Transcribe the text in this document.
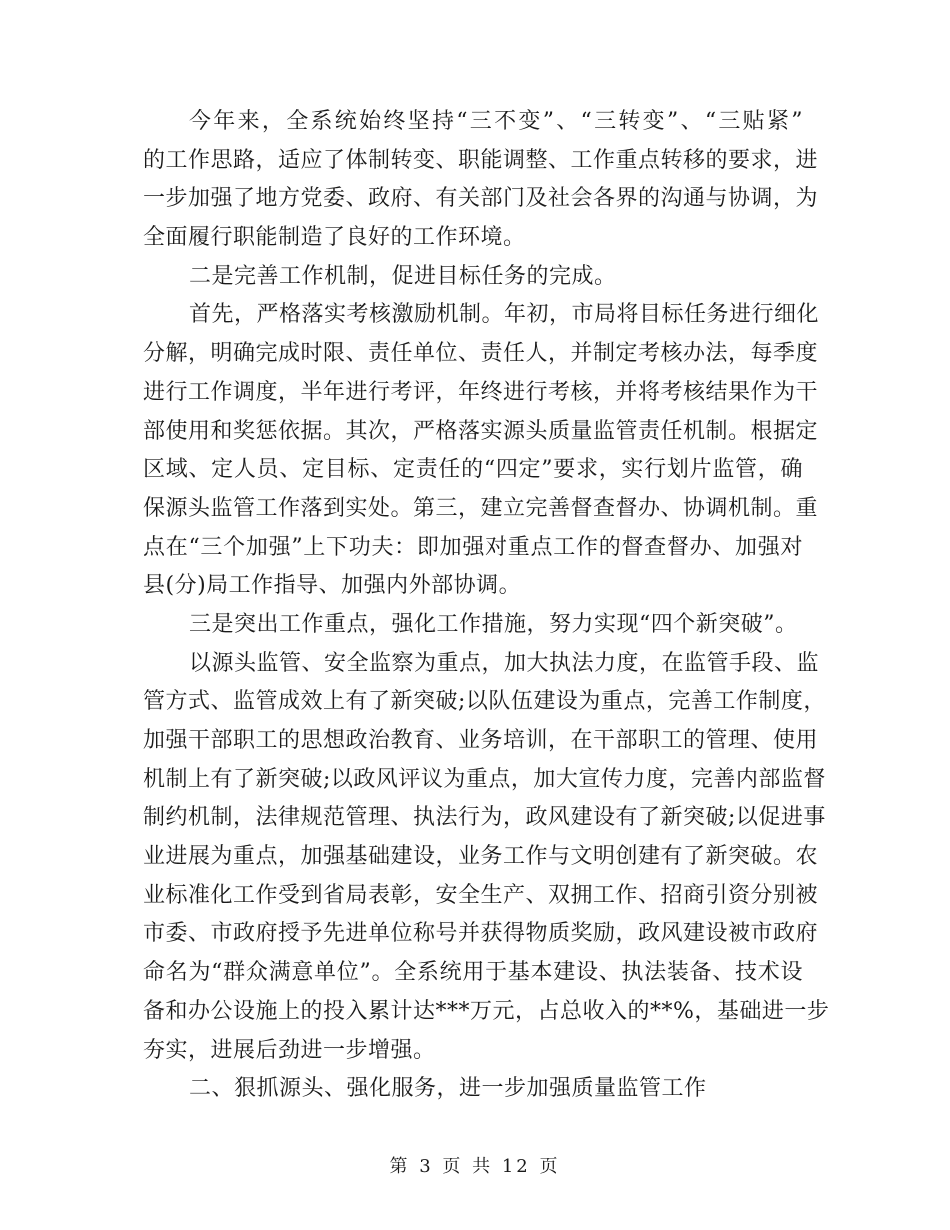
今年来，全系统始终坚持“三不变”、“三转变”、“三贴紧”
的工作思路，适应了体制转变、职能调整、工作重点转移的要求，进
一步加强了地方党委、政府、有关部门及社会各界的沟通与协调，为
全面履行职能制造了良好的工作环境。
二是完善工作机制，促进目标任务的完成。
首先，严格落实考核激励机制。年初，市局将目标任务进行细化
分解，明确完成时限、责任单位、责任人，并制定考核办法，每季度
进行工作调度，半年进行考评，年终进行考核，并将考核结果作为干
部使用和奖惩依据。其次，严格落实源头质量监管责任机制。根据定
区域、定人员、定目标、定责任的“四定”要求，实行划片监管，确
保源头监管工作落到实处。第三，建立完善督查督办、协调机制。重
点在“三个加强”上下功夫：即加强对重点工作的督查督办、加强对
县(分)局工作指导、加强内外部协调。
三是突出工作重点，强化工作措施，努力实现“四个新突破”。
以源头监管、安全监察为重点，加大执法力度，在监管手段、监
管方式、监管成效上有了新突破;以队伍建设为重点，完善工作制度，
加强干部职工的思想政治教育、业务培训，在干部职工的管理、使用
机制上有了新突破;以政风评议为重点，加大宣传力度，完善内部监督
制约机制，法律规范管理、执法行为，政风建设有了新突破;以促进事
业进展为重点，加强基础建设，业务工作与文明创建有了新突破。农
业标准化工作受到省局表彰，安全生产、双拥工作、招商引资分别被
市委、市政府授予先进单位称号并获得物质奖励，政风建设被市政府
命名为“群众满意单位”。全系统用于基本建设、执法装备、技术设
备和办公设施上的投入累计达***万元，占总收入的**%，基础进一步
夯实，进展后劲进一步增强。
二、狠抓源头、强化服务，进一步加强质量监管工作
第 3 页 共 12 页
